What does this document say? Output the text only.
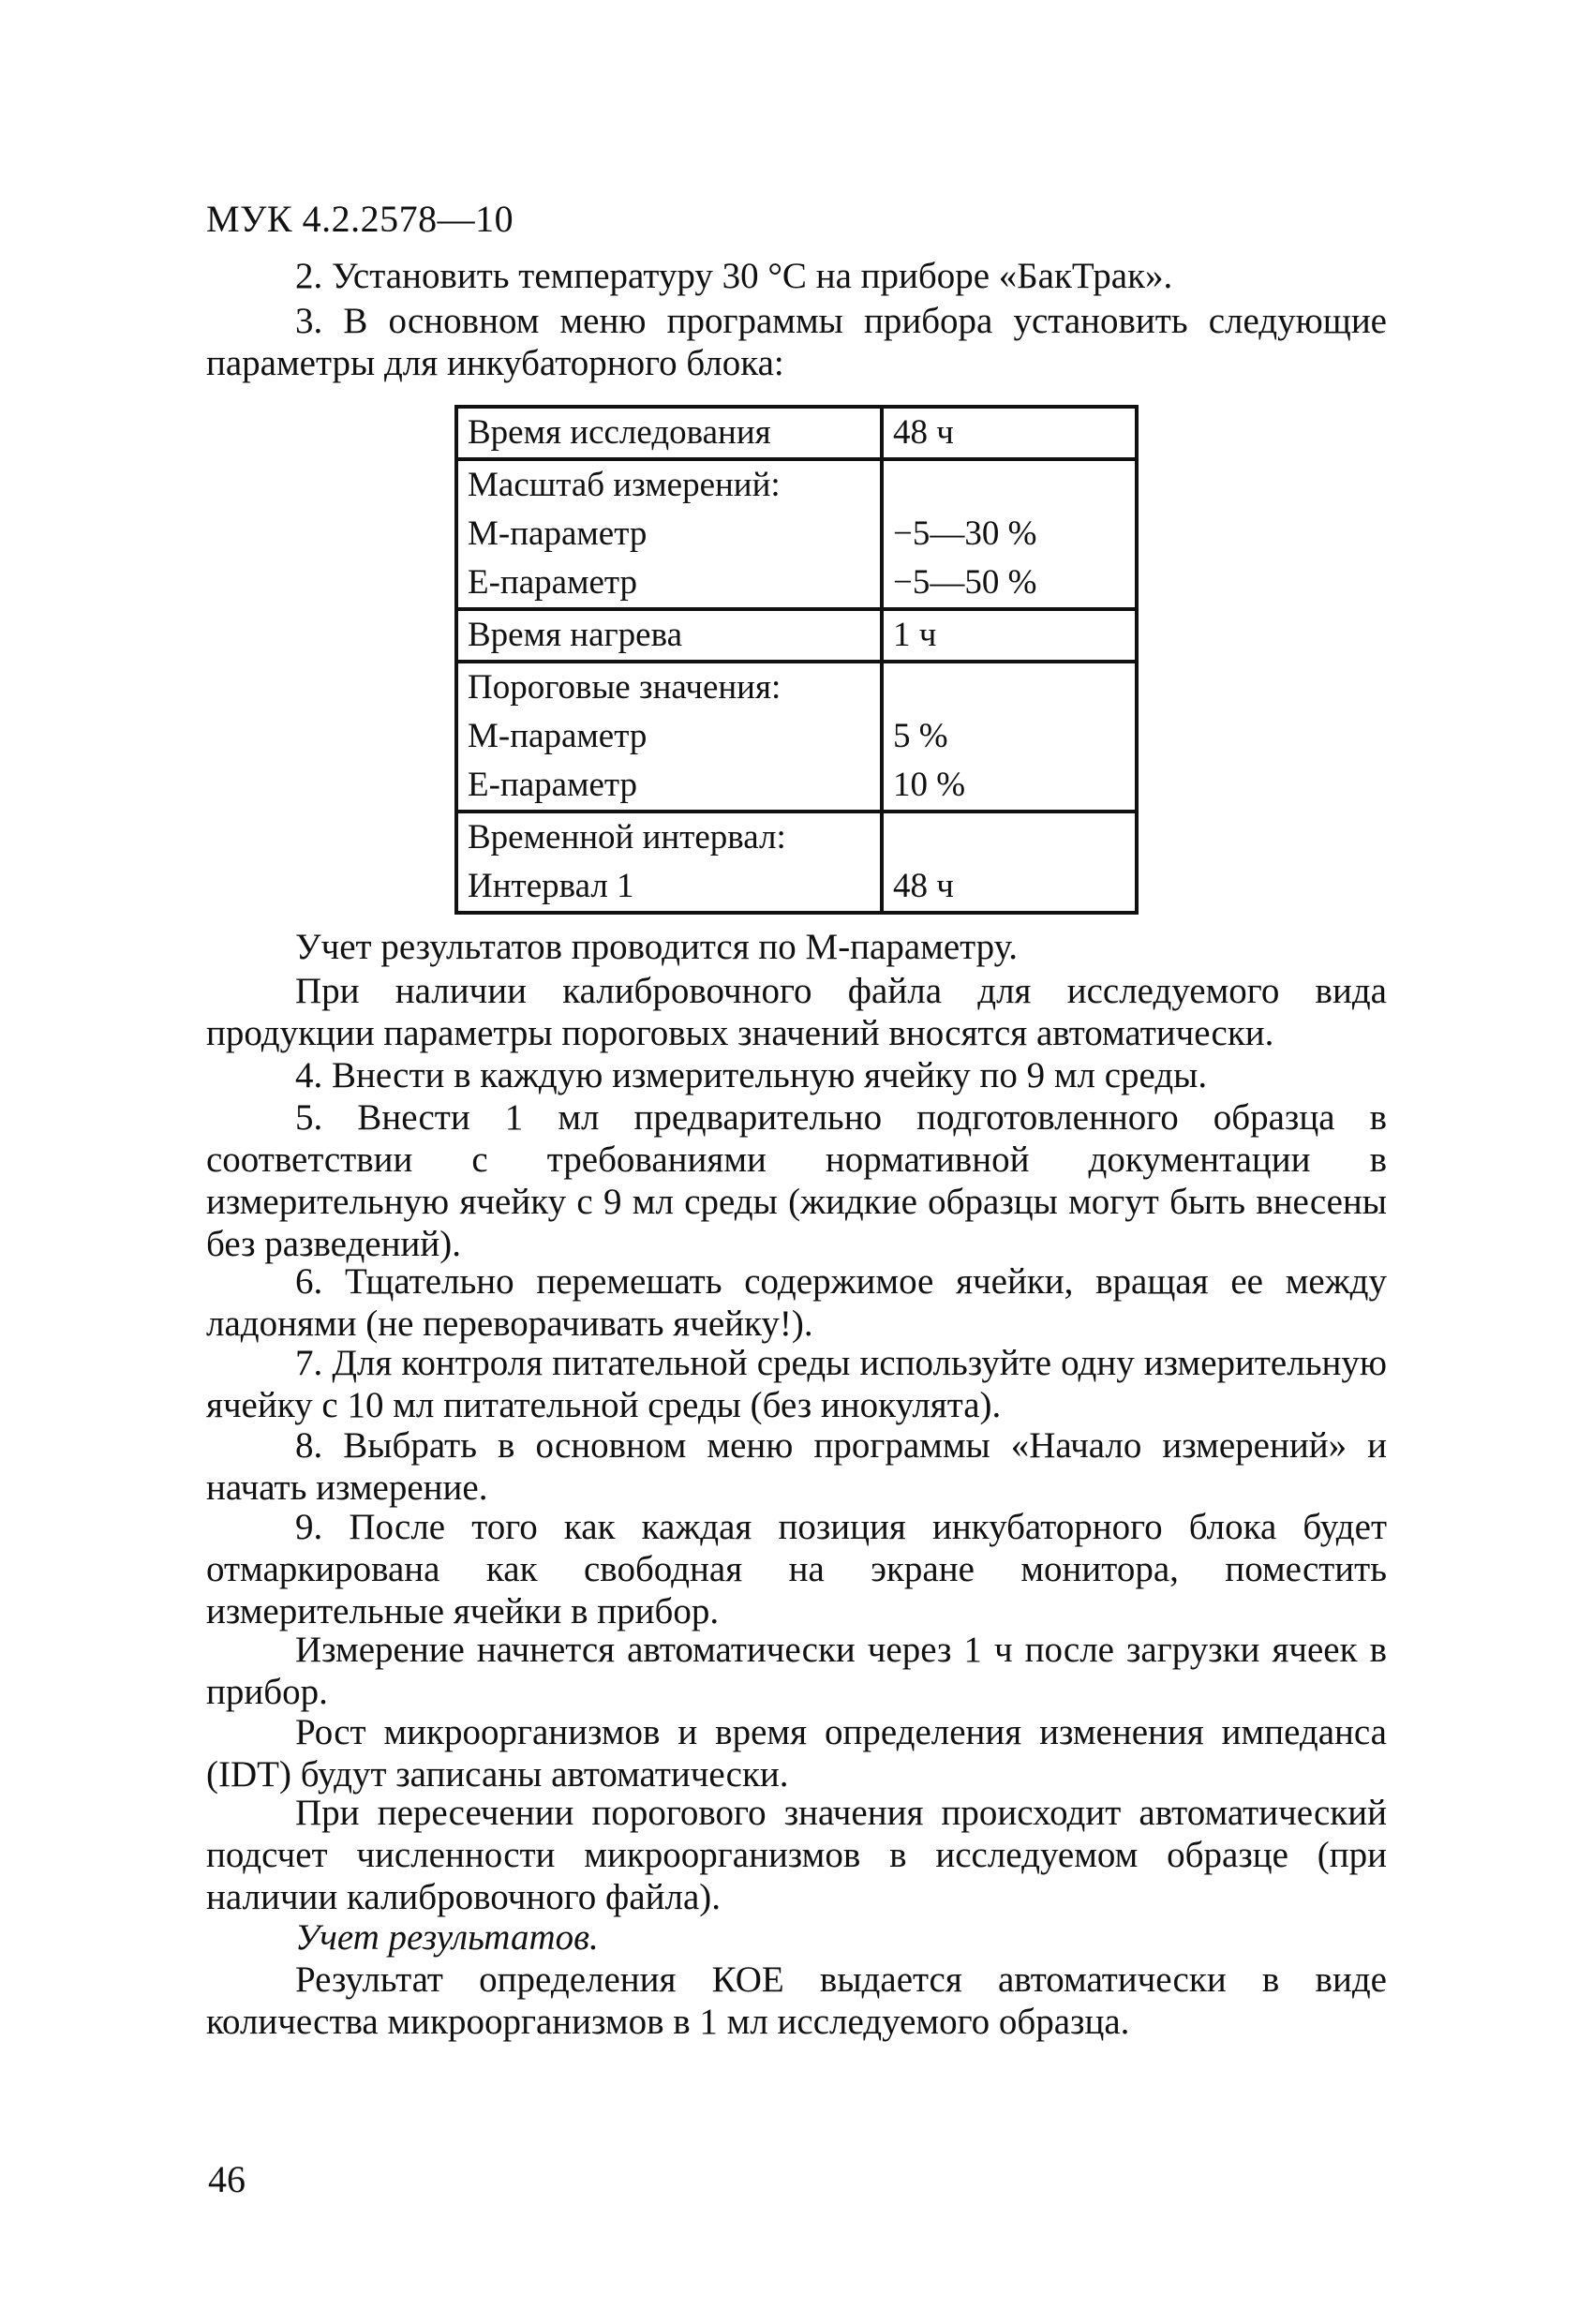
МУК 4.2.2578—10

2. Установить температуру 30 °С на приборе «БакТрак».

3. В основном меню программы прибора установить следующие параметры для инкубаторного блока:

Время исследования	48 ч
Масштаб измерений:	
М-параметр	−5—30 %
Е-параметр	−5—50 %
Время нагрева	1 ч
Пороговые значения:	
М-параметр	5 %
Е-параметр	10 %
Временной интервал:	
Интервал 1	48 ч

Учет результатов проводится по М-параметру.

При наличии калибровочного файла для исследуемого вида продукции параметры пороговых значений вносятся автоматически.

4. Внести в каждую измерительную ячейку по 9 мл среды.

5. Внести 1 мл предварительно подготовленного образца в соответствии с требованиями нормативной документации в измерительную ячейку с 9 мл среды (жидкие образцы могут быть внесены без разведений).

6. Тщательно перемешать содержимое ячейки, вращая ее между ладонями (не переворачивать ячейку!).

7. Для контроля питательной среды используйте одну измерительную ячейку с 10 мл питательной среды (без инокулята).

8. Выбрать в основном меню программы «Начало измерений» и начать измерение.

9. После того как каждая позиция инкубаторного блока будет отмаркирована как свободная на экране монитора, поместить измерительные ячейки в прибор.

Измерение начнется автоматически через 1 ч после загрузки ячеек в прибор.

Рост микроорганизмов и время определения изменения импеданса (IDT) будут записаны автоматически.

При пересечении порогового значения происходит автоматический подсчет численности микроорганизмов в исследуемом образце (при наличии калибровочного файла).

Учет результатов.

Результат определения КОЕ выдается автоматически в виде количества микроорганизмов в 1 мл исследуемого образца.

46
